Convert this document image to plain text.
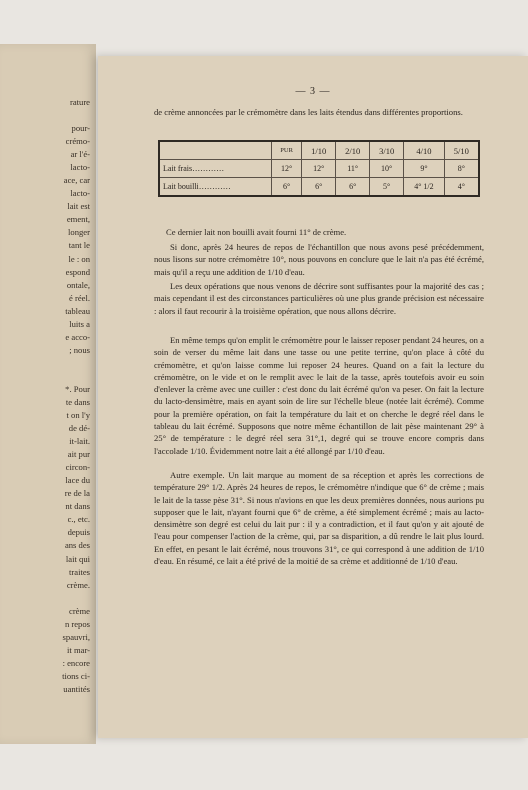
rature
pour-
crémo-
ar l'é-
lacto-
ace, car
lacto-
lait est
ement,
longer
tant le
le : on
espond
ontale,
é réel.
tableau
luits a
e acco-
; nous
*. Pour
te dans
t on l'y
de dé-
it-lait.
ait pur
circon-
lace du
re de la
nt dans
c., etc.
depuis
ans des
lait qui
traites
crème.
crème
n repos
spauvri,
it mar-
: encore
tions ci-
uantités
— 3 —
de crème annoncées par le crémomètre dans les laits étendus dans différentes proportions.
	PUR	1/10	2/10	3/10	4/10	5/10
Lait frais…………	12°	12°	11°	10°	9°	8°
Lait bouilli…………	6°	6°	6°	5°	4° 1/2	4°
Ce dernier lait non bouilli avait fourni 11° de crème.

Si donc, après 24 heures de repos de l'échantillon que nous avons pesé précédemment, nous lisons sur notre crémomètre 10°, nous pouvons en conclure que le lait n'a pas été écrémé, mais qu'il a reçu une addition de 1/10 d'eau.

Les deux opérations que nous venons de décrire sont suffisantes pour la majorité des cas ; mais cependant il est des circonstances particulières où une plus grande précision est nécessaire : alors il faut recourir à la troisième opération, que nous allons décrire.

En même temps qu'on emplit le crémomètre pour le laisser reposer pendant 24 heures, on a soin de verser du même lait dans une tasse ou une petite terrine, qu'on place à côté du crémomètre, et qu'on laisse comme lui reposer 24 heures. Quand on a fait la lecture du crémomètre, on le vide et on le remplit avec le lait de la tasse, après toutefois avoir eu soin d'enlever la crème avec une cuiller : c'est donc du lait écrémé qu'on va peser. On fait la lecture du lacto-densimètre, mais en ayant soin de lire sur l'échelle bleue (notée lait écrémé). Comme pour la première opération, on fait la température du lait et on cherche le degré réel dans le tableau du lait écrémé. Supposons que notre même échantillon de lait pèse maintenant 29° à 25° de température : le degré réel sera 31°,1, degré qui se trouve encore compris dans l'accolade 1/10. Évidemment notre lait a été allongé par 1/10 d'eau.

Autre exemple. Un lait marque au moment de sa réception et après les corrections de température 29° 1/2. Après 24 heures de repos, le crémomètre n'indique que 6° de crème ; mais le lait de la tasse pèse 31°. Si nous n'avions en que les deux premières données, nous aurions pu supposer que le lait, n'ayant fourni que 6° de crème, a été simplement écrémé ; mais au lacto-densimètre son degré est celui du lait pur : il y a contradiction, et il faut qu'on y ait ajouté de l'eau pour compenser l'action de la crème, qui, par sa disparition, a dû rendre le lait plus lourd. En effet, en pesant le lait écrémé, nous trouvons 31°, ce qui correspond à une addition de 1/10 d'eau. En résumé, ce lait a été privé de la moitié de sa crème et additionné de 1/10 d'eau.
